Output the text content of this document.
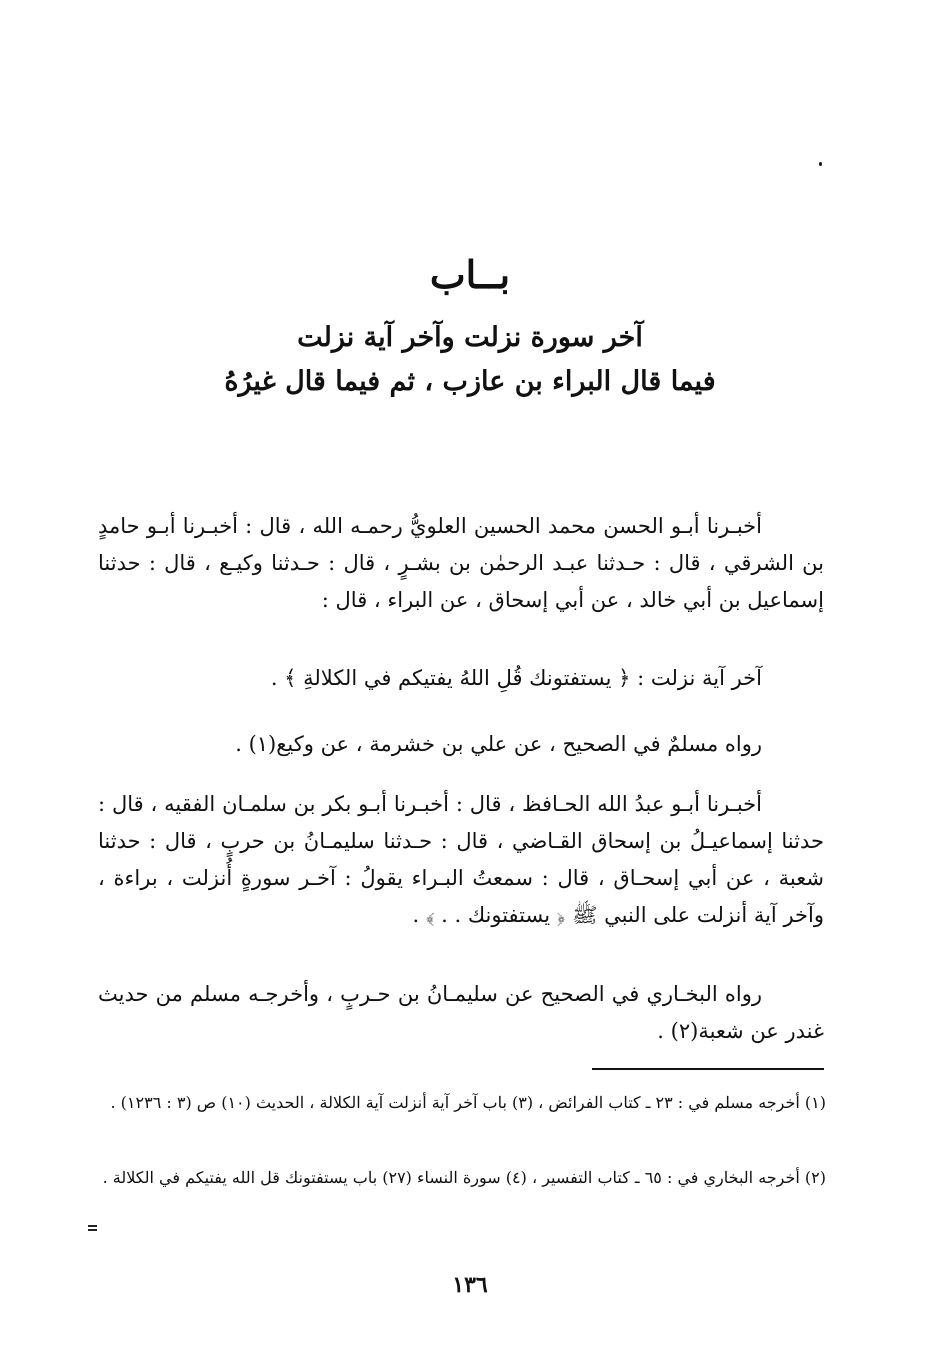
بــاب
آخر سورة نزلت وآخر آية نزلت
فيما قال البراء بن عازب ، ثم فيما قال غيرُهُ
أخبـرنا أبـو الحسن محمد الحسين العلويُّ رحمـه الله ، قال : أخبـرنا أبـو حامدٍ بن الشرقي ، قال : حـدثنا عبـد الرحمٰن بن بشـرٍ ، قال : حـدثنا وكيـع ، قال : حدثنا إسماعيل بن أبي خالد ، عن أبي إسحاق ، عن البراء ، قال :
آخر آية نزلت : ﴿ يستفتونك قُلِ اللهُ يفتيكم في الكلالةِ ﴾ .
رواه مسلمٌ في الصحيح ، عن علي بن خشرمة ، عن وكيع(١) .
أخبـرنا أبـو عبدُ الله الحـافظ ، قال : أخبـرنا أبـو بكر بن سلمـان الفقيه ، قال : حدثنا إسماعيـلُ بن إسحاق القـاضي ، قال : حـدثنا سليمـانُ بن حربٍ ، قال : حدثنا شعبة ، عن أبي إسحـاق ، قال : سمعتُ البـراء يقولُ : آخـر سورةٍ أُنزلت ، براءة ، وآخر آية أنزلت على النبي ﷺ ﴿ يستفتونك . . ﴾ .
رواه البخـاري في الصحيح عن سليمـانُ بن حـربٍ ، وأخرجـه مسلم من حديث غندر عن شعبة(٢) .
(١) أخرجه مسلم في : ٢٣ ـ كتاب الفرائض ، (٣) باب آخر آية أنزلت آية الكلالة ، الحديث (١٠) ص (٣ : ١٢٣٦) .
(٢) أخرجه البخاري في : ٦٥ ـ كتاب التفسير ، (٤) سورة النساء (٢٧) باب يستفتونك قل الله يفتيكم في الكلالة .
١٣٦
